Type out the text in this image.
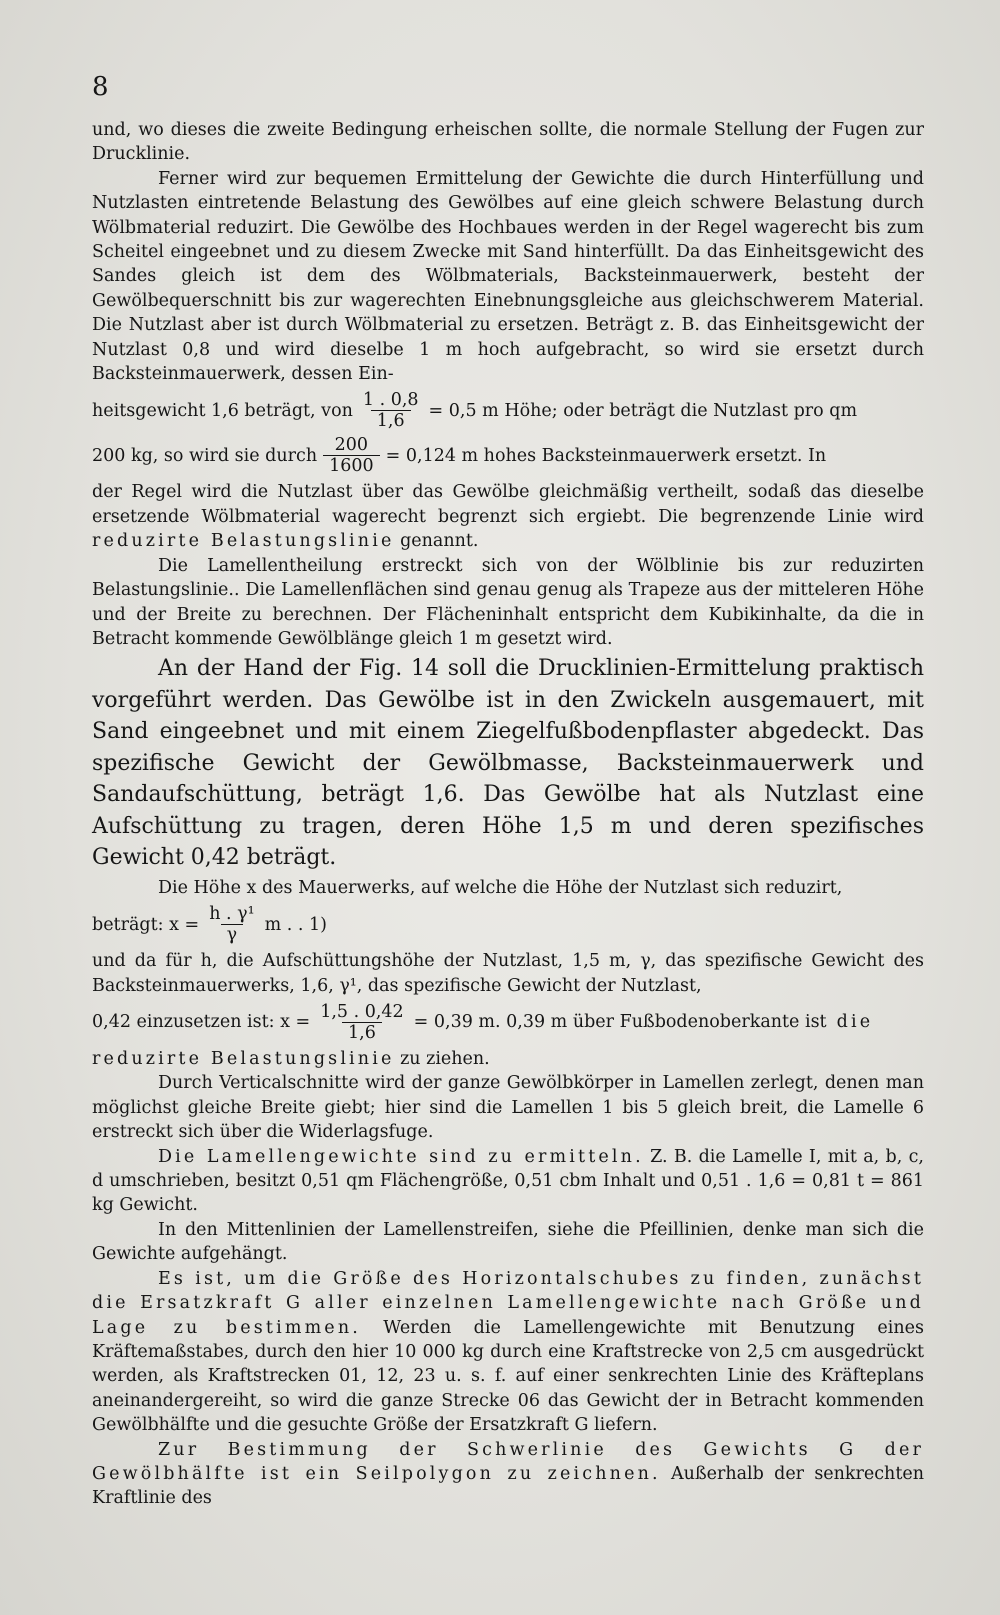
8

und, wo dieses die zweite Bedingung erheischen sollte, die normale Stellung der Fugen zur Drucklinie.

Ferner wird zur bequemen Ermittelung der Gewichte die durch Hinterfüllung und Nutzlasten eintretende Belastung des Gewölbes auf eine gleich schwere Belastung durch Wölbmaterial reduzirt. Die Gewölbe des Hochbaues werden in der Regel wagerecht bis zum Scheitel eingeebnet und zu diesem Zwecke mit Sand hinterfüllt. Da das Einheitsgewicht des Sandes gleich ist dem des Wölbmaterials, Backsteinmauerwerk, besteht der Gewölbequerschnitt bis zur wagerechten Einebnungsgleiche aus gleichschwerem Material. Die Nutzlast aber ist durch Wölbmaterial zu ersetzen. Beträgt z. B. das Einheitsgewicht der Nutzlast 0,8 und wird dieselbe 1 m hoch aufgebracht, so wird sie ersetzt durch Backsteinmauerwerk, dessen Ein-

heitsgewicht 1,6 beträgt, von $\frac{1 . 0,8}{1,6} = 0,5$ m Höhe; oder beträgt die Nutzlast pro qm
200 kg, so wird sie durch $\frac{200}{1600} = 0,124$ m hohes Backsteinmauerwerk ersetzt. In

der Regel wird die Nutzlast über das Gewölbe gleichmäßig vertheilt, sodaß das dieselbe ersetzende Wölbmaterial wagerecht begrenzt sich ergiebt. Die begrenzende Linie wird reduzirte Belastungslinie genannt.

Die Lamellentheilung erstreckt sich von der Wölblinie bis zur reduzirten Belastungslinie.. Die Lamellenflächen sind genau genug als Trapeze aus der mitteleren Höhe und der Breite zu berechnen. Der Flächeninhalt entspricht dem Kubikinhalte, da die in Betracht kommende Gewölblänge gleich 1 m gesetzt wird.

An der Hand der Fig. 14 soll die Drucklinien-Ermittelung praktisch vorgeführt werden. Das Gewölbe ist in den Zwickeln ausgemauert, mit Sand eingeebnet und mit einem Ziegelfußbodenpflaster abgedeckt. Das spezifische Gewicht der Gewölbmasse, Backsteinmauerwerk und Sandaufschüttung, beträgt 1,6. Das Gewölbe hat als Nutzlast eine Aufschüttung zu tragen, deren Höhe 1,5 m und deren spezifisches Gewicht 0,42 beträgt.

Die Höhe x des Mauerwerks, auf welche die Höhe der Nutzlast sich reduzirt,

beträgt: $x = \frac{\text{h . γ¹}}{\gamma}$ m . . 1)

und da für h, die Aufschüttungshöhe der Nutzlast, 1,5 m, γ, das spezifische Gewicht des Backsteinmauerwerks, 1,6, γ¹, das spezifische Gewicht der Nutzlast,

0,42 einzusetzen ist: $x = \frac{1,5 . 0,42}{1,6} = 0,39$ m. 0,39 m über Fußbodenoberkante ist die

reduzirte Belastungslinie zu ziehen.

Durch Verticalschnitte wird der ganze Gewölbkörper in Lamellen zerlegt, denen man möglichst gleiche Breite giebt; hier sind die Lamellen 1 bis 5 gleich breit, die Lamelle 6 erstreckt sich über die Widerlagsfuge.

Die Lamellengewichte sind zu ermitteln. Z. B. die Lamelle I, mit a, b, c, d umschrieben, besitzt 0,51 qm Flächengröße, 0,51 cbm Inhalt und 0,51 . 1,6 = 0,81 t = 861 kg Gewicht.

In den Mittenlinien der Lamellenstreifen, siehe die Pfeillinien, denke man sich die Gewichte aufgehängt.

Es ist, um die Größe des Horizontalschubes zu finden, zunächst die Ersatzkraft G aller einzelnen Lamellengewichte nach Größe und Lage zu bestimmen. Werden die Lamellengewichte mit Benutzung eines Kräftemaßstabes, durch den hier 10 000 kg durch eine Kraftstrecke von 2,5 cm ausgedrückt werden, als Kraftstrecken 01, 12, 23 u. s. f. auf einer senkrechten Linie des Kräfteplans aneinandergereiht, so wird die ganze Strecke 06 das Gewicht der in Betracht kommenden Gewölbhälfte und die gesuchte Größe der Ersatzkraft G liefern.

Zur Bestimmung der Schwerlinie des Gewichts G der Gewölbhälfte ist ein Seilpolygon zu zeichnen. Außerhalb der senkrechten Kraftlinie des
